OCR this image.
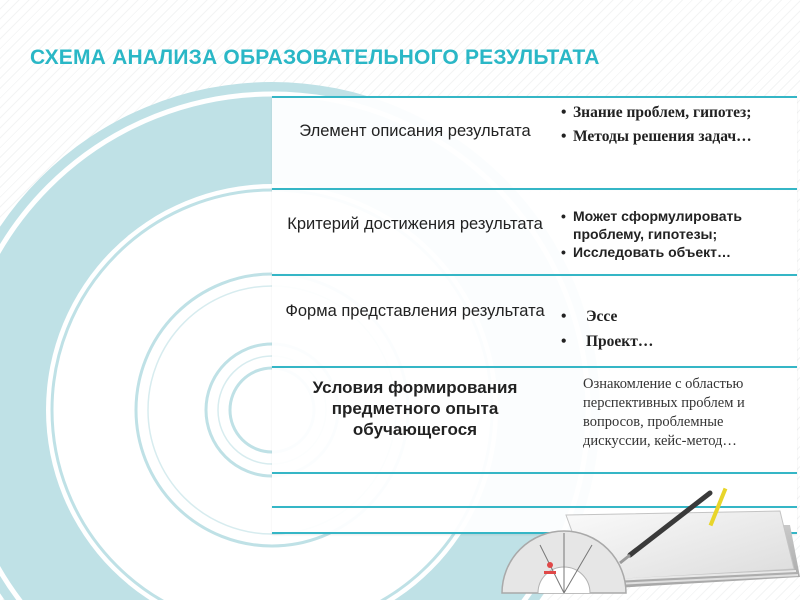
СХЕМА АНАЛИЗА ОБРАЗОВАТЕЛЬНОГО РЕЗУЛЬТАТА
Элемент описания результата
• Знание проблем, гипотез;
• Методы решения задач…
Критерий достижения результата	• Может сформулировать проблему, гипотезы;
• Исследовать объект…
Форма представления результата	• Эссе
• Проект…
Условия формирования предметного опыта обучающегося

Ознакомление с областью перспективных проблем и вопросов, проблемные дискуссии, кейс-метод…
